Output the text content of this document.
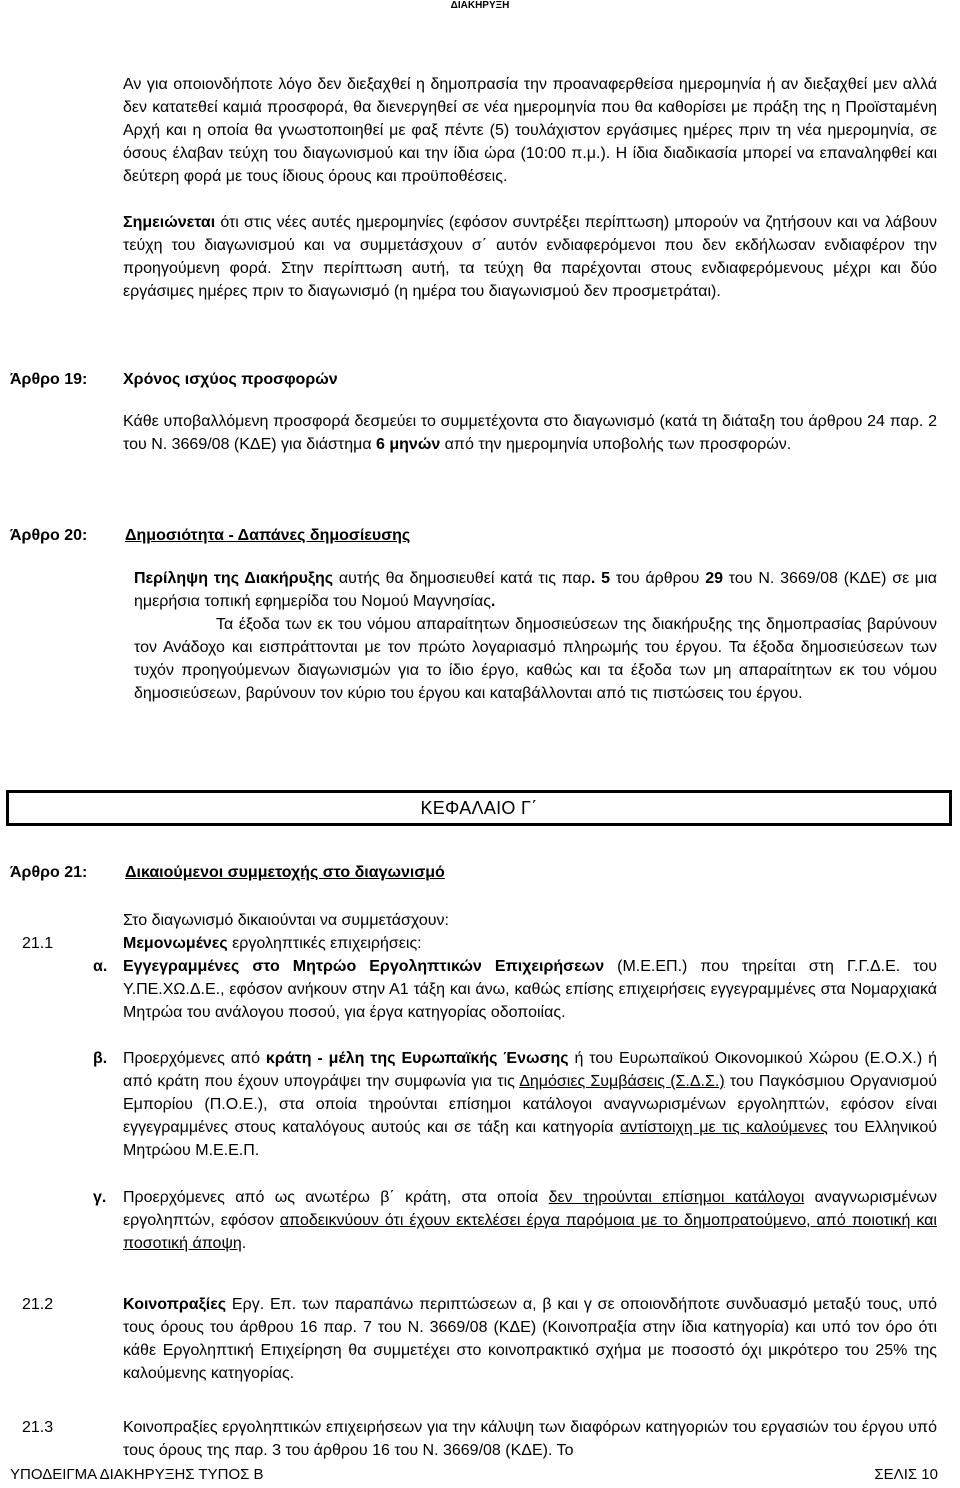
ΔΙΑΚΗΡΥΞΗ

Αν για οποιονδήποτε λόγο δεν διεξαχθεί η δημοπρασία την προαναφερθείσα ημερομηνία ή αν διεξαχθεί μεν αλλά δεν κατατεθεί καμιά προσφορά, θα διενεργηθεί σε νέα ημερομηνία που θα καθορίσει με πράξη της η Προϊσταμένη Αρχή και η οποία θα γνωστοποιηθεί με φαξ πέντε (5) τουλάχιστον εργάσιμες ημέρες πριν τη νέα ημερομηνία, σε όσους έλαβαν τεύχη του διαγωνισμού και την ίδια ώρα (10:00 π.μ.). Η ίδια διαδικασία μπορεί να επαναληφθεί και δεύτερη φορά με τους ίδιους όρους και προϋποθέσεις.

Σημειώνεται ότι στις νέες αυτές ημερομηνίες (εφόσον συντρέξει περίπτωση) μπορούν να ζητήσουν και να λάβουν τεύχη του διαγωνισμού και να συμμετάσχουν σ΄ αυτόν ενδιαφερόμενοι που δεν εκδήλωσαν ενδιαφέρον την προηγούμενη φορά. Στην περίπτωση αυτή, τα τεύχη θα παρέχονται στους ενδιαφερόμενους μέχρι και δύο εργάσιμες ημέρες πριν το διαγωνισμό (η ημέρα του διαγωνισμού δεν προσμετράται).

Άρθρο 19: Χρόνος ισχύος προσφορών

Κάθε υποβαλλόμενη προσφορά δεσμεύει το συμμετέχοντα στο διαγωνισμό (κατά τη διάταξη του άρθρου 24 παρ. 2 του Ν. 3669/08 (ΚΔΕ) για διάστημα 6 μηνών από την ημερομηνία υποβολής των προσφορών.

Άρθρο 20: Δημοσιότητα - Δαπάνες δημοσίευσης

Περίληψη της Διακήρυξης αυτής θα δημοσιευθεί κατά τις παρ. 5 του άρθρου 29 του Ν. 3669/08 (ΚΔΕ) σε μια ημερήσια τοπική εφημερίδα του Νομού Μαγνησίας.

Τα έξοδα των εκ του νόμου απαραίτητων δημοσιεύσεων της διακήρυξης της δημοπρασίας βαρύνουν τον Ανάδοχο και εισπράττονται με τον πρώτο λογαριασμό πληρωμής του έργου. Τα έξοδα δημοσιεύσεων των τυχόν προηγούμενων διαγωνισμών για το ίδιο έργο, καθώς και τα έξοδα των μη απαραίτητων εκ του νόμου δημοσιεύσεων, βαρύνουν τον κύριο του έργου και καταβάλλονται από τις πιστώσεις του έργου.

ΚΕΦΑΛΑΙΟ Γ΄
Άρθρο 21: Δικαιούμενοι συμμετοχής στο διαγωνισμό
Στο διαγωνισμό δικαιούνται να συμμετάσχουν:
21.1	Μεμονωμένες εργοληπτικές επιχειρήσεις:
α. Εγγεγραμμένες στο Μητρώο Εργοληπτικών Επιχειρήσεων (Μ.Ε.ΕΠ.) που τηρείται στη Γ.Γ.Δ.Ε. του Υ.ΠΕ.ΧΩ.Δ.Ε., εφόσον ανήκουν στην Α1 τάξη και άνω, καθώς επίσης επιχειρήσεις εγγεγραμμένες στα Νομαρχιακά Μητρώα του ανάλογου ποσού, για έργα κατηγορίας οδοποιίας.

β. Προερχόμενες από κράτη - μέλη της Ευρωπαϊκής Ένωσης ή του Ευρωπαϊκού Οικονομικού Χώρου (Ε.Ο.Χ.) ή από κράτη που έχουν υπογράψει την συμφωνία για τις Δημόσιες Συμβάσεις (Σ.Δ.Σ.) του Παγκόσμιου Οργανισμού Εμπορίου (Π.Ο.Ε.), στα οποία τηρούνται επίσημοι κατάλογοι αναγνωρισμένων εργοληπτών, εφόσον είναι εγγεγραμμένες στους καταλόγους αυτούς και σε τάξη και κατηγορία αντίστοιχη με τις καλούμενες του Ελληνικού Μητρώου Μ.Ε.Ε.Π.

γ. Προερχόμενες από ως ανωτέρω β΄ κράτη, στα οποία δεν τηρούνται επίσημοι κατάλογοι αναγνωρισμένων εργοληπτών, εφόσον αποδεικνύουν ότι έχουν εκτελέσει έργα παρόμοια με το δημοπρατούμενο, από ποιοτική και ποσοτική άποψη.

21.2	Κοινοπραξίες Εργ. Επ. των παραπάνω περιπτώσεων α, β και γ σε οποιονδήποτε συνδυασμό μεταξύ τους, υπό τους όρους του άρθρου 16 παρ. 7 του Ν. 3669/08 (ΚΔΕ) (Κοινοπραξία στην ίδια κατηγορία) και υπό τον όρο ότι κάθε Εργοληπτική Επιχείρηση θα συμμετέχει στο κοινοπρακτικό σχήμα με ποσοστό όχι μικρότερο του 25% της καλούμενης κατηγορίας.

21.3	Κοινοπραξίες εργοληπτικών επιχειρήσεων για την κάλυψη των διαφόρων κατηγοριών του εργασιών του έργου υπό τους όρους της παρ. 3 του άρθρου 16 του Ν. 3669/08 (ΚΔΕ). Το

ΥΠΟΔΕΙΓΜΑ ΔΙΑΚΗΡΥΞΗΣ ΤΥΠΟΣ Β	ΣΕΛΙΣ 10
